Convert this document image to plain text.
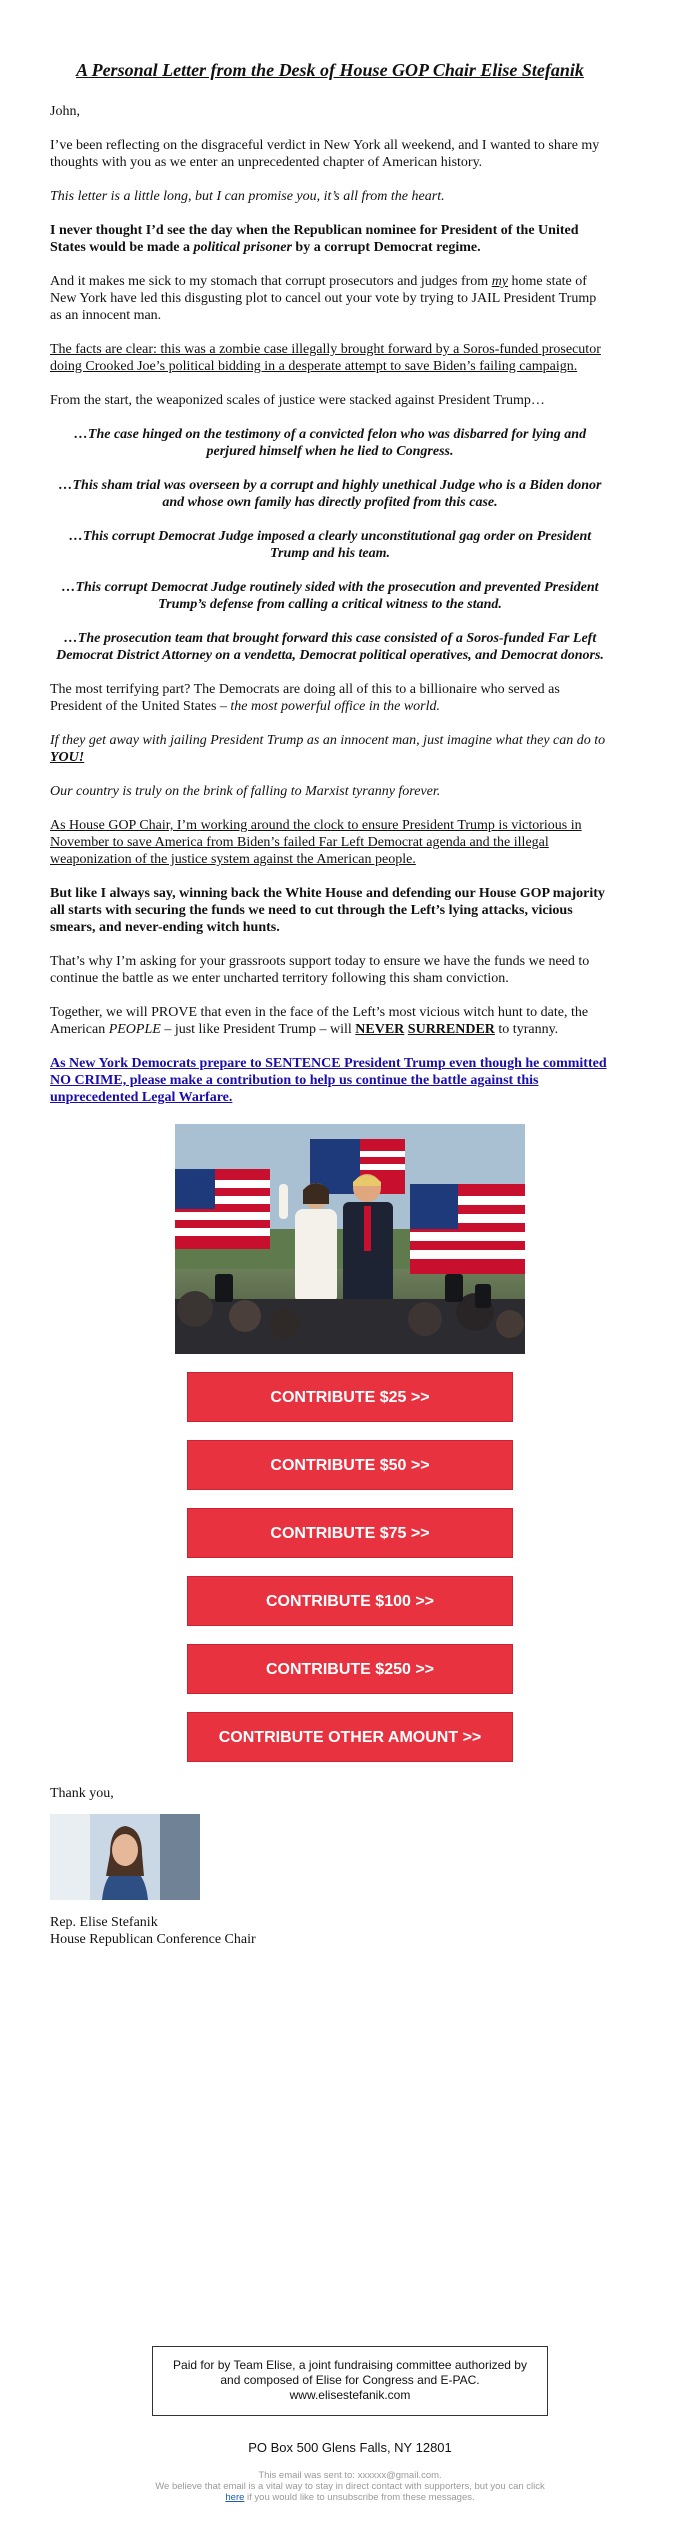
A Personal Letter from the Desk of House GOP Chair Elise Stefanik

John,

I’ve been reflecting on the disgraceful verdict in New York all weekend, and I wanted to share my thoughts with you as we enter an unprecedented chapter of American history.

This letter is a little long, but I can promise you, it’s all from the heart.

I never thought I’d see the day when the Republican nominee for President of the United States would be made a political prisoner by a corrupt Democrat regime.

And it makes me sick to my stomach that corrupt prosecutors and judges from my home state of New York have led this disgusting plot to cancel out your vote by trying to JAIL President Trump as an innocent man.

The facts are clear: this was a zombie case illegally brought forward by a Soros-funded prosecutor doing Crooked Joe’s political bidding in a desperate attempt to save Biden’s failing campaign.

From the start, the weaponized scales of justice were stacked against President Trump…

…The case hinged on the testimony of a convicted felon who was disbarred for lying and perjured himself when he lied to Congress.

…This sham trial was overseen by a corrupt and highly unethical Judge who is a Biden donor and whose own family has directly profited from this case.

…This corrupt Democrat Judge imposed a clearly unconstitutional gag order on President Trump and his team.

…This corrupt Democrat Judge routinely sided with the prosecution and prevented President Trump’s defense from calling a critical witness to the stand.

…The prosecution team that brought forward this case consisted of a Soros-funded Far Left Democrat District Attorney on a vendetta, Democrat political operatives, and Democrat donors.

The most terrifying part? The Democrats are doing all of this to a billionaire who served as President of the United States – the most powerful office in the world.

If they get away with jailing President Trump as an innocent man, just imagine what they can do to YOU!

Our country is truly on the brink of falling to Marxist tyranny forever.

As House GOP Chair, I’m working around the clock to ensure President Trump is victorious in November to save America from Biden’s failed Far Left Democrat agenda and the illegal weaponization of the justice system against the American people.

But like I always say, winning back the White House and defending our House GOP majority all starts with securing the funds we need to cut through the Left’s lying attacks, vicious smears, and never-ending witch hunts.

That’s why I’m asking for your grassroots support today to ensure we have the funds we need to continue the battle as we enter uncharted territory following this sham conviction.

Together, we will PROVE that even in the face of the Left’s most vicious witch hunt to date, the American PEOPLE – just like President Trump – will NEVER SURRENDER to tyranny.

As New York Democrats prepare to SENTENCE President Trump even though he committed NO CRIME, please make a contribution to help us continue the battle against this unprecedented Legal Warfare.

CONTRIBUTE $25 >>
CONTRIBUTE $50 >>
CONTRIBUTE $75 >>
CONTRIBUTE $100 >>
CONTRIBUTE $250 >>
CONTRIBUTE OTHER AMOUNT >>
Thank you,
Rep. Elise Stefanik
House Republican Conference Chair
Paid for by Team Elise, a joint fundraising committee authorized by and composed of Elise for Congress and E-PAC. www.elisestefanik.com
PO Box 500 Glens Falls, NY 12801
This email was sent to: xxxxxx@gmail.com.
We believe that email is a vital way to stay in direct contact with supporters, but you can click here if you would like to unsubscribe from these messages.
